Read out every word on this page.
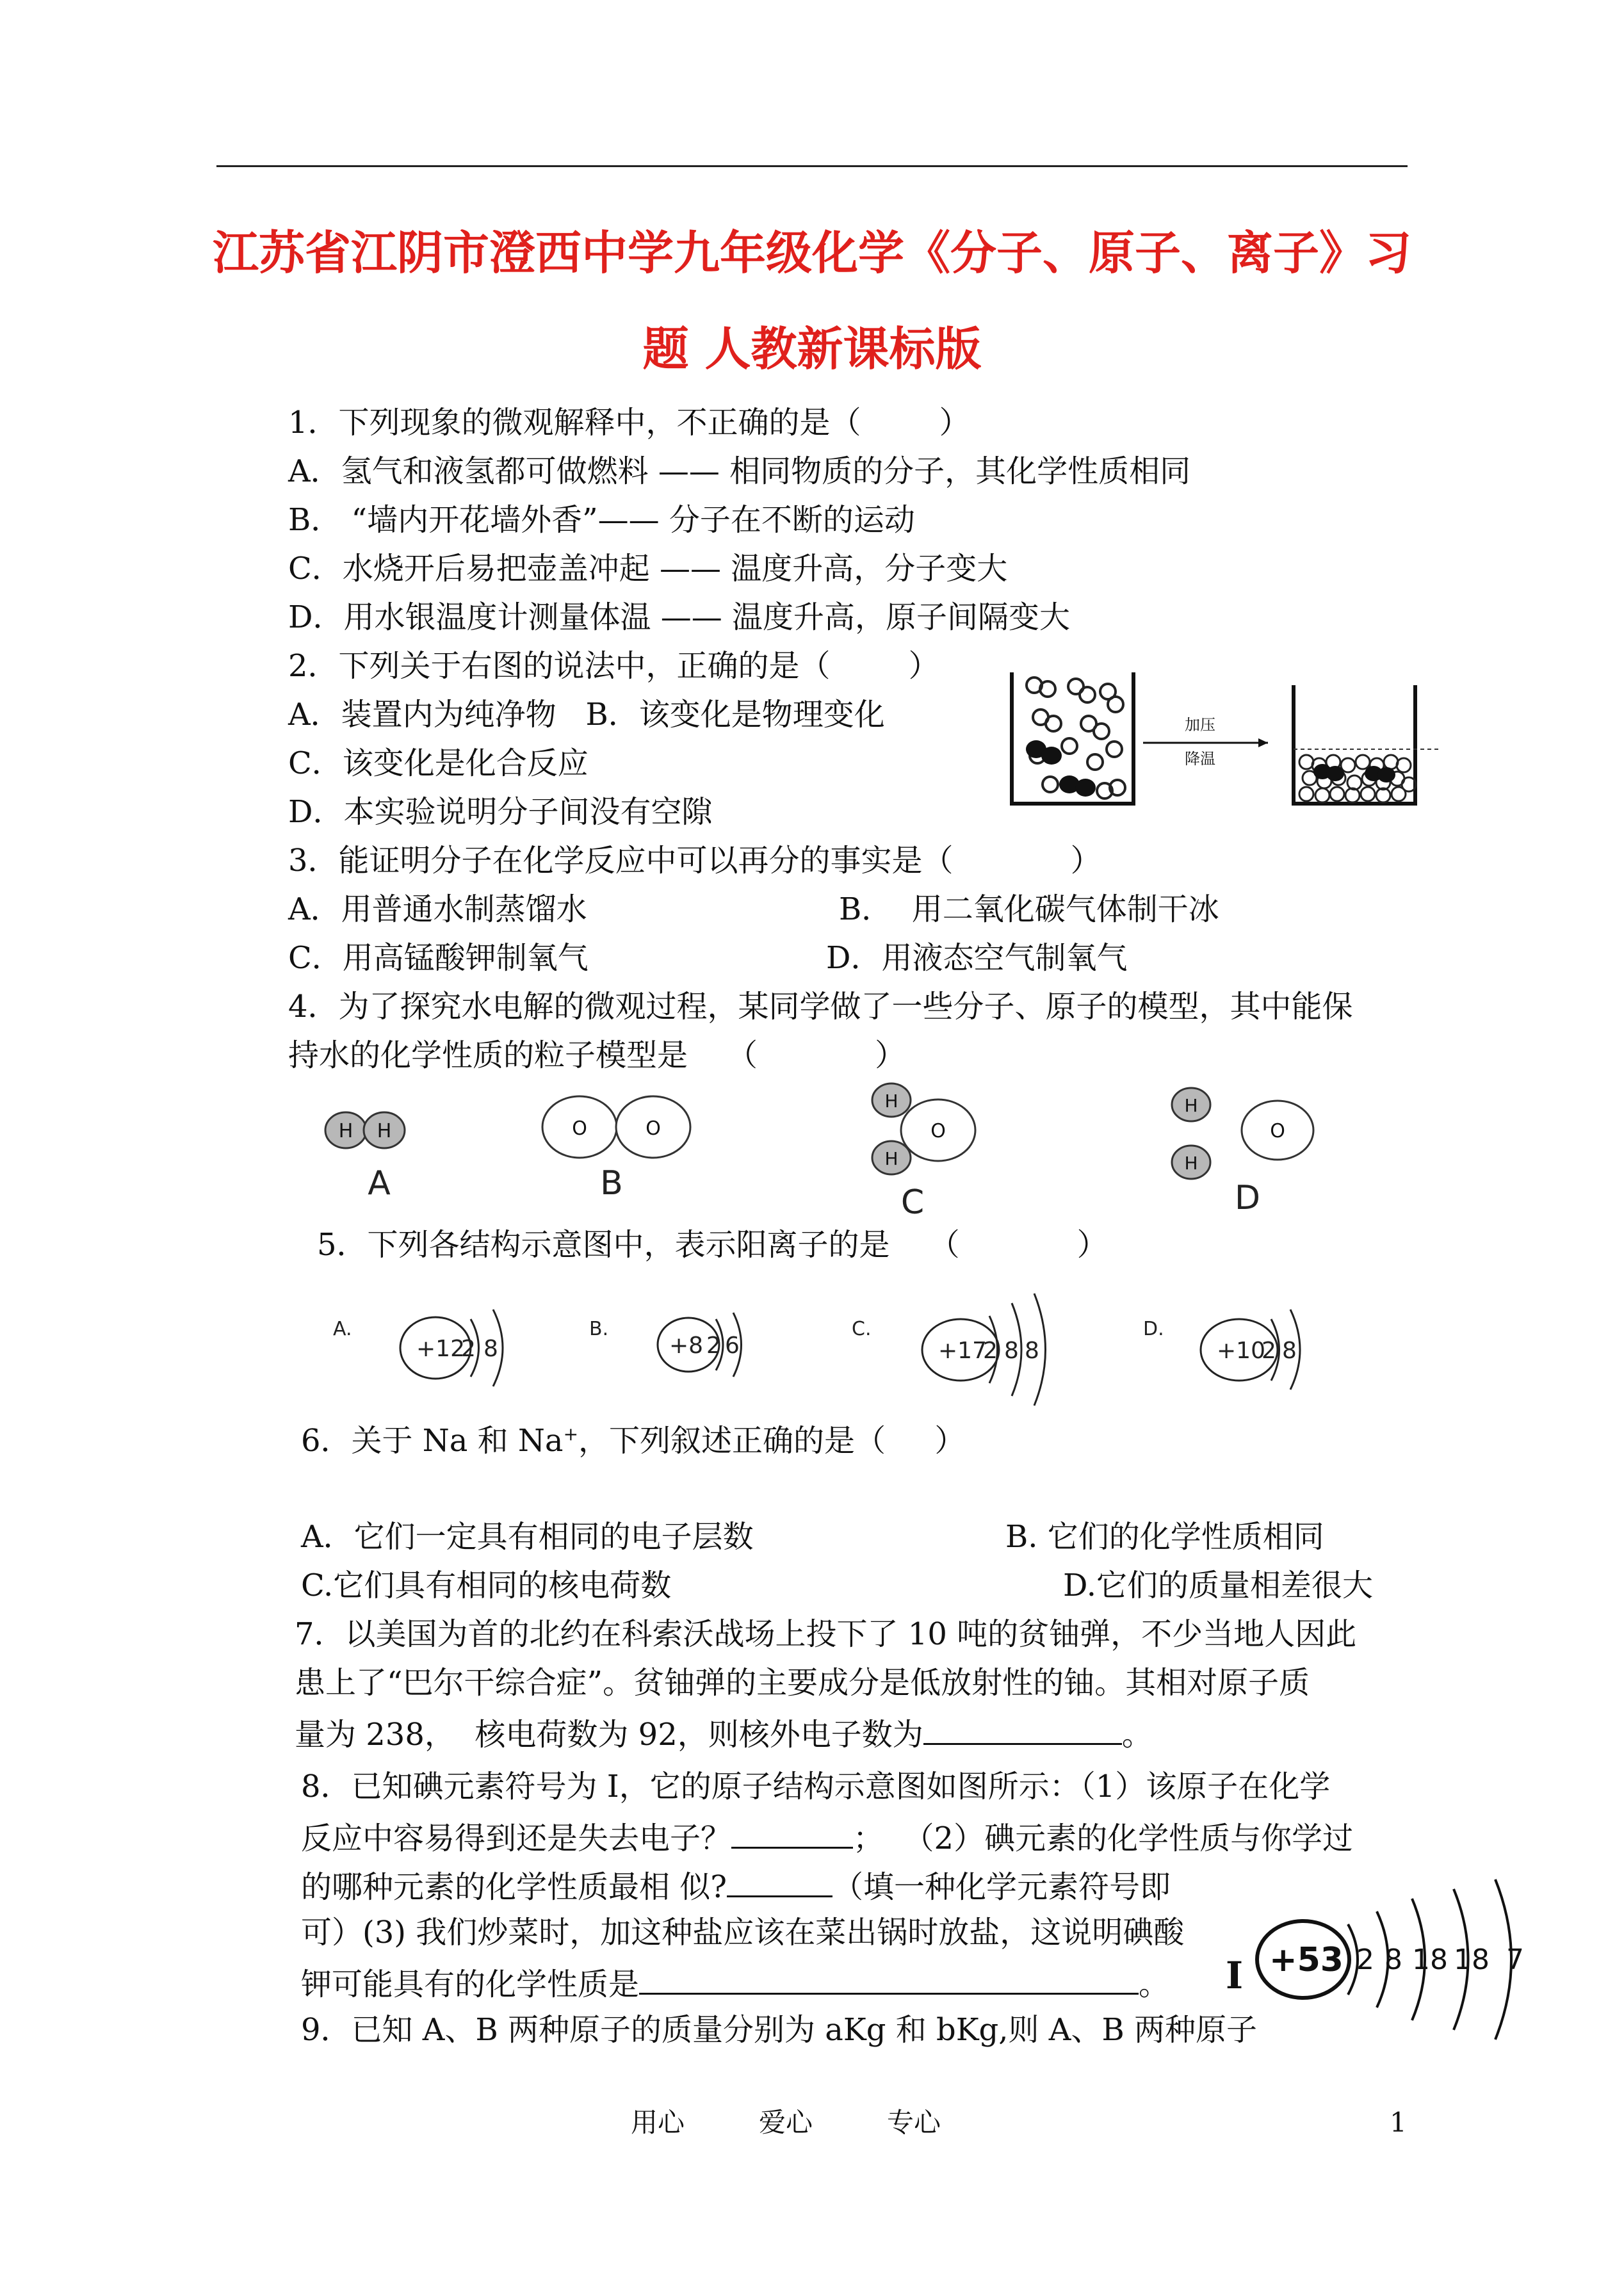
江苏省江阴市澄西中学九年级化学《分子、原子、离子》习
题 人教新课标版
1．下列现象的微观解释中，不正确的是（        ）
A．氢气和液氢都可做燃料 —— 相同物质的分子，其化学性质相同
B． “墙内开花墙外香”—— 分子在不断的运动
C．水烧开后易把壶盖冲起 —— 温度升高，分子变大
D．用水银温度计测量体温 —— 温度升高，原子间隔变大
2．下列关于右图的说法中，正确的是（        ）
A．装置内为纯净物   B．该变化是物理变化
C．该变化是化合反应
D．本实验说明分子间没有空隙
加压
降温
3．能证明分子在化学反应中可以再分的事实是（            ）
A．用普通水制蒸馏水	B．  用二氧化碳气体制干冰
C．用高锰酸钾制氧气	D．用液态空气制氧气
4．为了探究水电解的微观过程，某同学做了一些分子、原子的模型，其中能保
持水的化学性质的粒子模型是    （            ）
H H
A
O	O
B
O
H
H
C
H
H
O
D
5．下列各结构示意图中，表示阳离子的是    （            ）
A.
+12
2 8
B.
+8 2 6
C.
+17
2 8 8
D.
+10
2 8
6．关于 Na 和 Na+，下列叙述正确的是（     ）
A．它们一定具有相同的电子层数	B. 它们的化学性质相同
C.它们具有相同的核电荷数	D.它们的质量相差很大
7．以美国为首的北约在科索沃战场上投下了 10 吨的贫铀弹，不少当地人因此
患上了“巴尔干综合症”。贫铀弹的主要成分是低放射性的铀。其相对原子质
量为 238，  核电荷数为 92，则核外电子数为	。
8．已知碘元素符号为 I，它的原子结构示意图如图所示：（1）该原子在化学
反应中容易得到还是失去电子？	；  （2）碘元素的化学性质与你学过
的哪种元素的化学性质最相 似?	（填一种化学元素符号即
可）(3) 我们炒菜时，加这种盐应该在菜出锅时放盐，这说明碘酸
钾可能具有的化学性质是	。 I +53 2 8 18 18 7
9．已知 A、B 两种原子的质量分别为 aKg 和 bKg,则 A、B 两种原子
用心	爱心	专心	1
